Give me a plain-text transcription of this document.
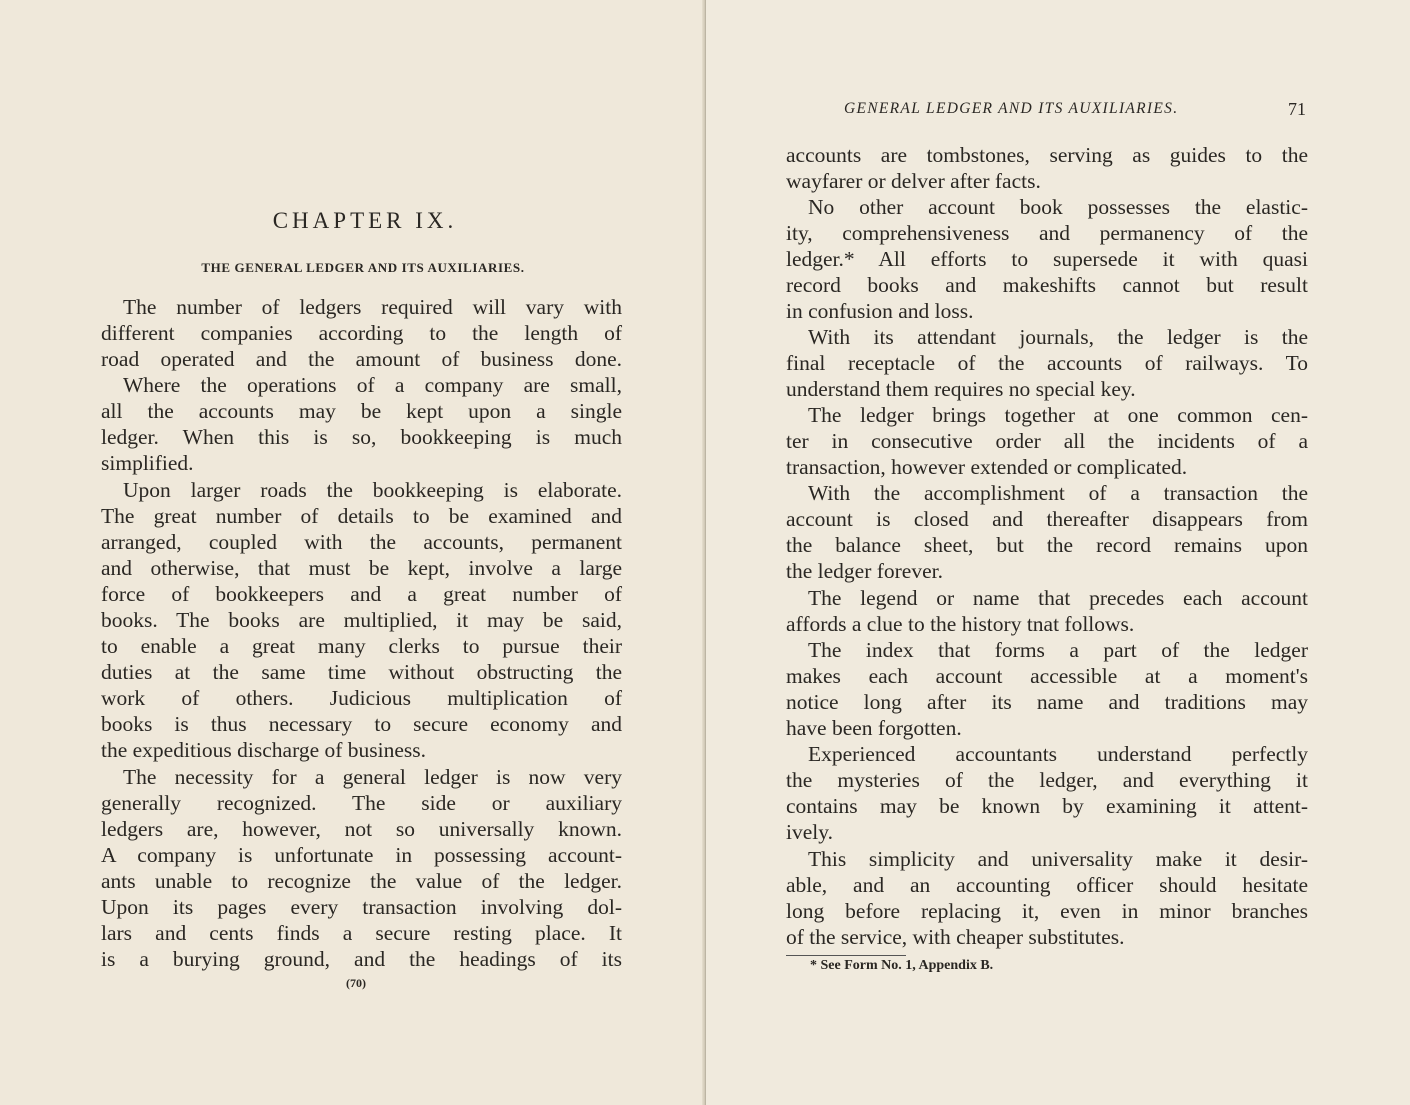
CHAPTER IX.
THE GENERAL LEDGER AND ITS AUXILIARIES.
The number of ledgers required will vary with
different companies according to the length of
road operated and the amount of business done.
Where the operations of a company are small,
all the accounts may be kept upon a single
ledger. When this is so, bookkeeping is much
simplified.
Upon larger roads the bookkeeping is elaborate.
The great number of details to be examined and
arranged, coupled with the accounts, permanent
and otherwise, that must be kept, involve a large
force of bookkeepers and a great number of
books. The books are multiplied, it may be said,
to enable a great many clerks to pursue their
duties at the same time without obstructing the
work of others. Judicious multiplication of
books is thus necessary to secure economy and
the expeditious discharge of business.
The necessity for a general ledger is now very
generally recognized. The side or auxiliary
ledgers are, however, not so universally known.
A company is unfortunate in possessing account-
ants unable to recognize the value of the ledger.
Upon its pages every transaction involving dol-
lars and cents finds a secure resting place. It
is a burying ground, and the headings of its
(70)
GENERAL LEDGER AND ITS AUXILIARIES.	71
accounts are tombstones, serving as guides to the
wayfarer or delver after facts.
No other account book possesses the elastic-
ity, comprehensiveness and permanency of the
ledger.* All efforts to supersede it with quasi
record books and makeshifts cannot but result
in confusion and loss.
With its attendant journals, the ledger is the
final receptacle of the accounts of railways. To
understand them requires no special key.
The ledger brings together at one common cen-
ter in consecutive order all the incidents of a
transaction, however extended or complicated.
With the accomplishment of a transaction the
account is closed and thereafter disappears from
the balance sheet, but the record remains upon
the ledger forever.
The legend or name that precedes each account
affords a clue to the history tnat follows.
The index that forms a part of the ledger
makes each account accessible at a moment's
notice long after its name and traditions may
have been forgotten.
Experienced accountants understand perfectly
the mysteries of the ledger, and everything it
contains may be known by examining it attent-
ively.
This simplicity and universality make it desir-
able, and an accounting officer should hesitate
long before replacing it, even in minor branches
of the service, with cheaper substitutes.
* See Form No. 1, Appendix B.
